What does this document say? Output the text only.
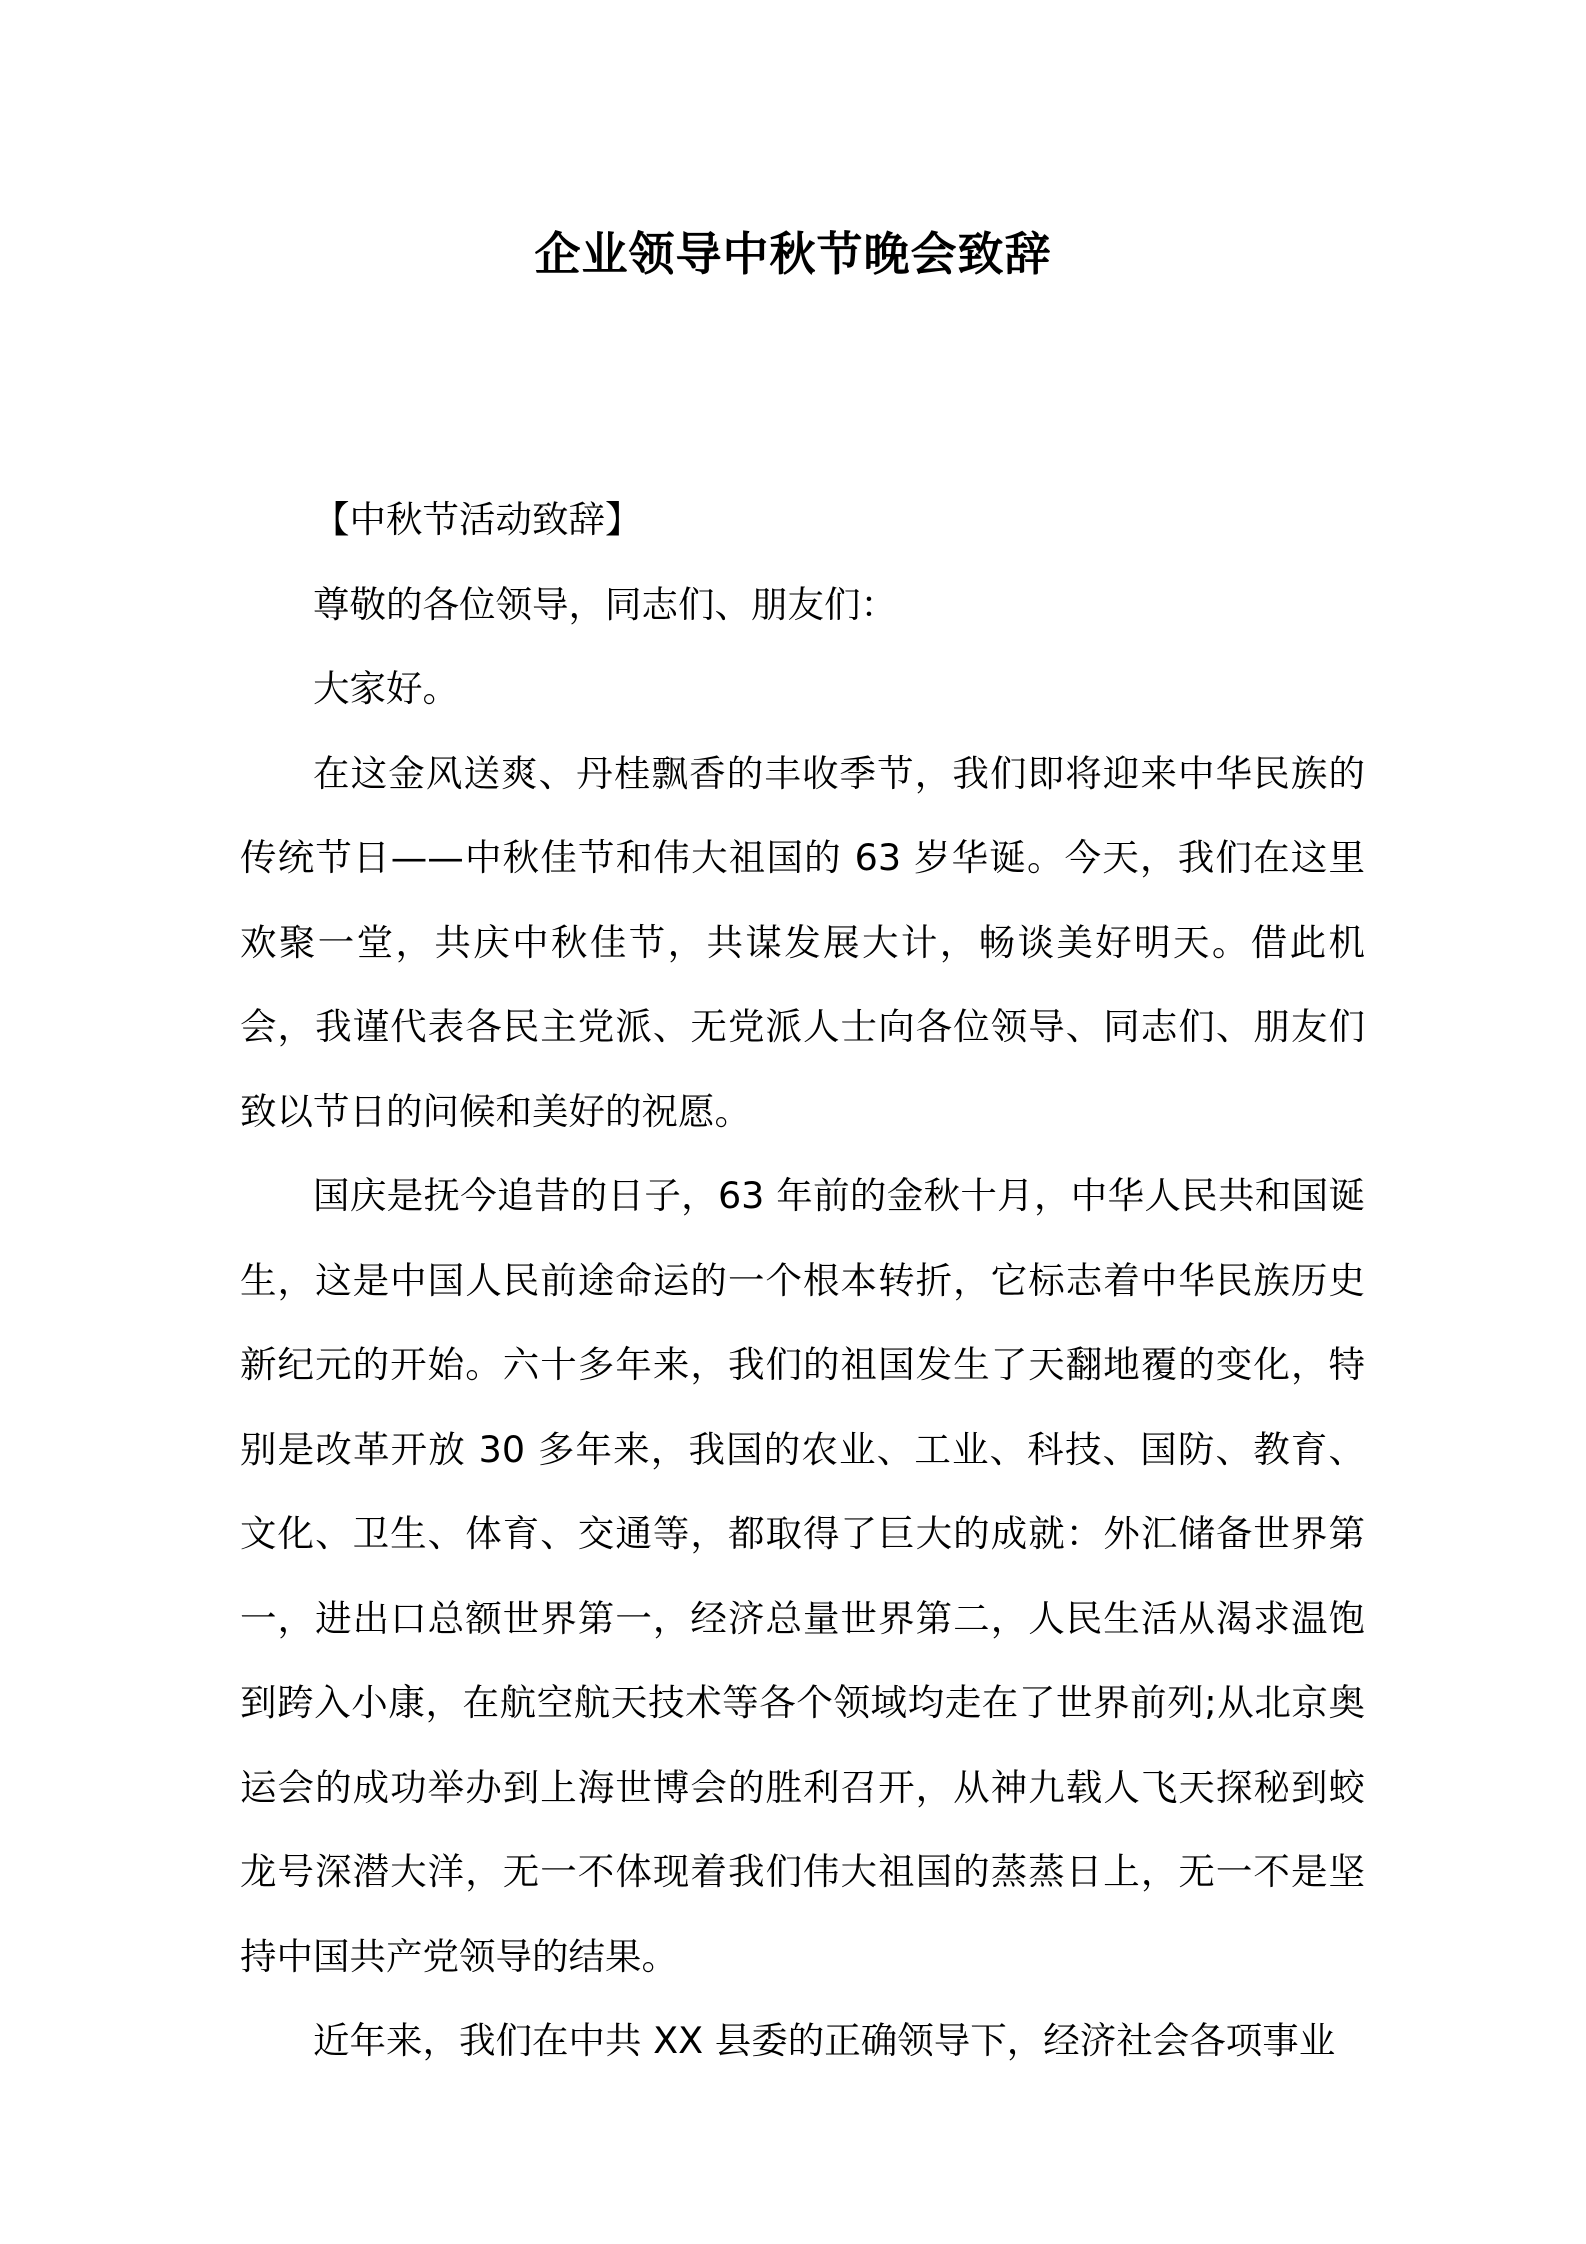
企业领导中秋节晚会致辞

【中秋节活动致辞】

尊敬的各位领导，同志们、朋友们：

大家好。

在这金风送爽、丹桂飘香的丰收季节，我们即将迎来中华民族的传统节日——中秋佳节和伟大祖国的 63 岁华诞。今天，我们在这里欢聚一堂，共庆中秋佳节，共谋发展大计，畅谈美好明天。借此机会，我谨代表各民主党派、无党派人士向各位领导、同志们、朋友们致以节日的问候和美好的祝愿。

国庆是抚今追昔的日子，63 年前的金秋十月，中华人民共和国诞生，这是中国人民前途命运的一个根本转折，它标志着中华民族历史新纪元的开始。六十多年来，我们的祖国发生了天翻地覆的变化，特别是改革开放 30 多年来，我国的农业、工业、科技、国防、教育、文化、卫生、体育、交通等，都取得了巨大的成就：外汇储备世界第一，进出口总额世界第一，经济总量世界第二，人民生活从渴求温饱到跨入小康，在航空航天技术等各个领域均走在了世界前列;从北京奥运会的成功举办到上海世博会的胜利召开，从神九载人飞天探秘到蛟龙号深潜大洋，无一不体现着我们伟大祖国的蒸蒸日上，无一不是坚持中国共产党领导的结果。

近年来，我们在中共 XX 县委的正确领导下，经济社会各项事业
